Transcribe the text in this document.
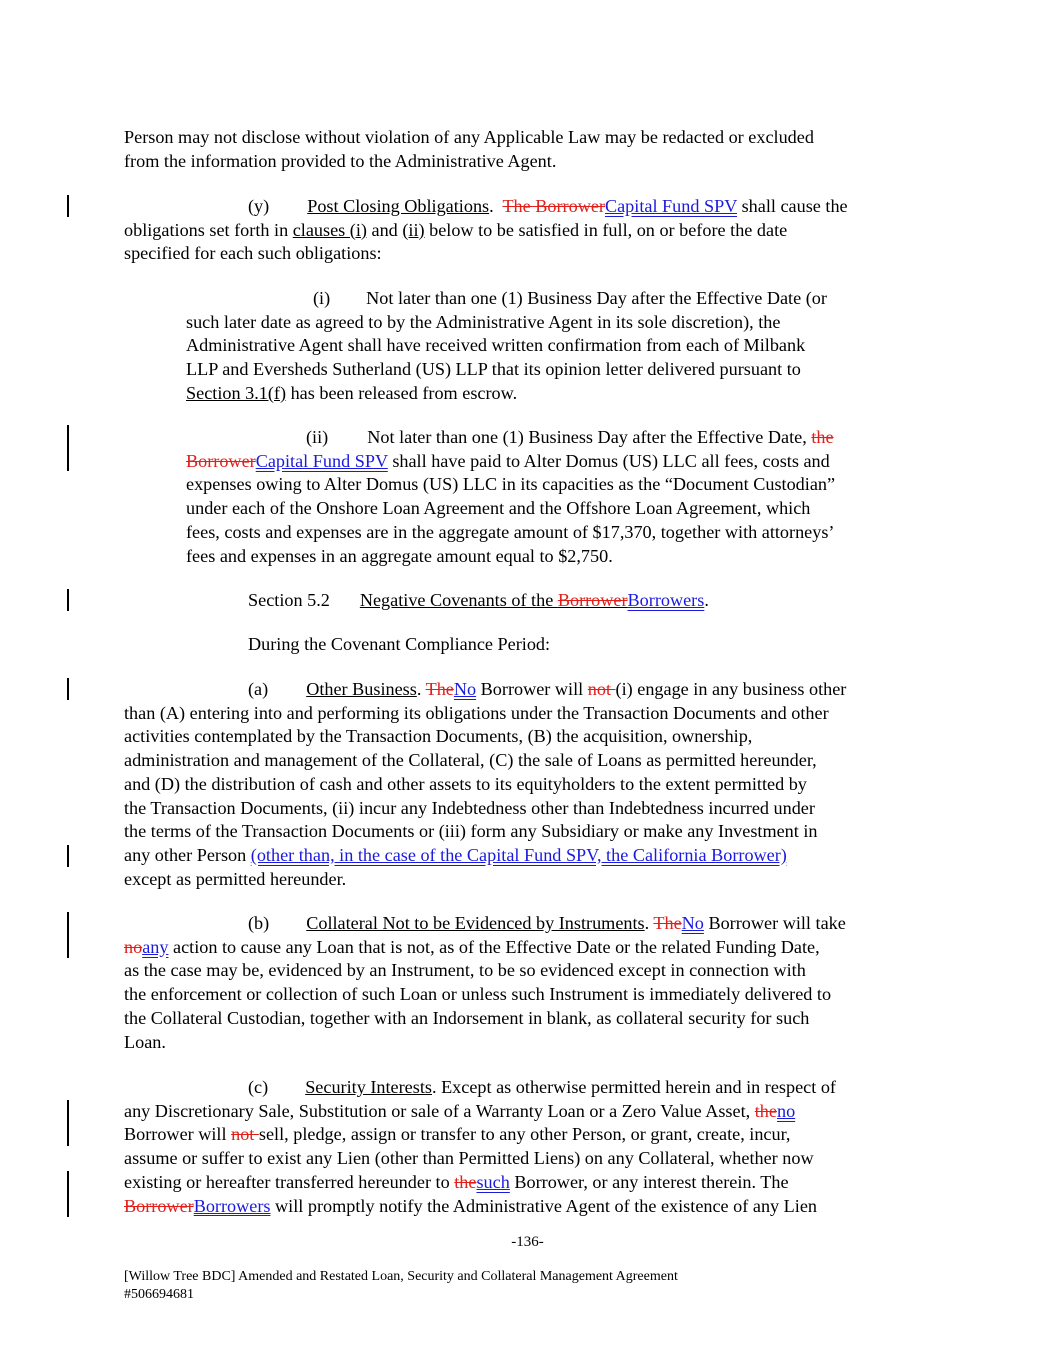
Person may not disclose without violation of any Applicable Law may be redacted or excluded
from the information provided to the Administrative Agent.

(y) Post Closing Obligations. The BorrowerCapital Fund SPV shall cause the
obligations set forth in clauses (i) and (ii) below to be satisfied in full, on or before the date
specified for each such obligations:

(i) Not later than one (1) Business Day after the Effective Date (or
such later date as agreed to by the Administrative Agent in its sole discretion), the
Administrative Agent shall have received written confirmation from each of Milbank
LLP and Eversheds Sutherland (US) LLP that its opinion letter delivered pursuant to
Section 3.1(f) has been released from escrow.

(ii) Not later than one (1) Business Day after the Effective Date, the
BorrowerCapital Fund SPV shall have paid to Alter Domus (US) LLC all fees, costs and
expenses owing to Alter Domus (US) LLC in its capacities as the “Document Custodian”
under each of the Onshore Loan Agreement and the Offshore Loan Agreement, which
fees, costs and expenses are in the aggregate amount of $17,370, together with attorneys’
fees and expenses in an aggregate amount equal to $2,750.

Section 5.2 Negative Covenants of the BorrowerBorrowers.

During the Covenant Compliance Period:

(a) Other Business. TheNo Borrower will not (i) engage in any business other
than (A) entering into and performing its obligations under the Transaction Documents and other
activities contemplated by the Transaction Documents, (B) the acquisition, ownership,
administration and management of the Collateral, (C) the sale of Loans as permitted hereunder,
and (D) the distribution of cash and other assets to its equityholders to the extent permitted by
the Transaction Documents, (ii) incur any Indebtedness other than Indebtedness incurred under
the terms of the Transaction Documents or (iii) form any Subsidiary or make any Investment in
any other Person (other than, in the case of the Capital Fund SPV, the California Borrower)
except as permitted hereunder.

(b) Collateral Not to be Evidenced by Instruments. TheNo Borrower will take
noany action to cause any Loan that is not, as of the Effective Date or the related Funding Date,
as the case may be, evidenced by an Instrument, to be so evidenced except in connection with
the enforcement or collection of such Loan or unless such Instrument is immediately delivered to
the Collateral Custodian, together with an Indorsement in blank, as collateral security for such
Loan.

(c) Security Interests. Except as otherwise permitted herein and in respect of
any Discretionary Sale, Substitution or sale of a Warranty Loan or a Zero Value Asset, theno
Borrower will not sell, pledge, assign or transfer to any other Person, or grant, create, incur,
assume or suffer to exist any Lien (other than Permitted Liens) on any Collateral, whether now
existing or hereafter transferred hereunder to thesuch Borrower, or any interest therein. The
BorrowerBorrowers will promptly notify the Administrative Agent of the existence of any Lien

-136-
[Willow Tree BDC] Amended and Restated Loan, Security and Collateral Management Agreement
#506694681
